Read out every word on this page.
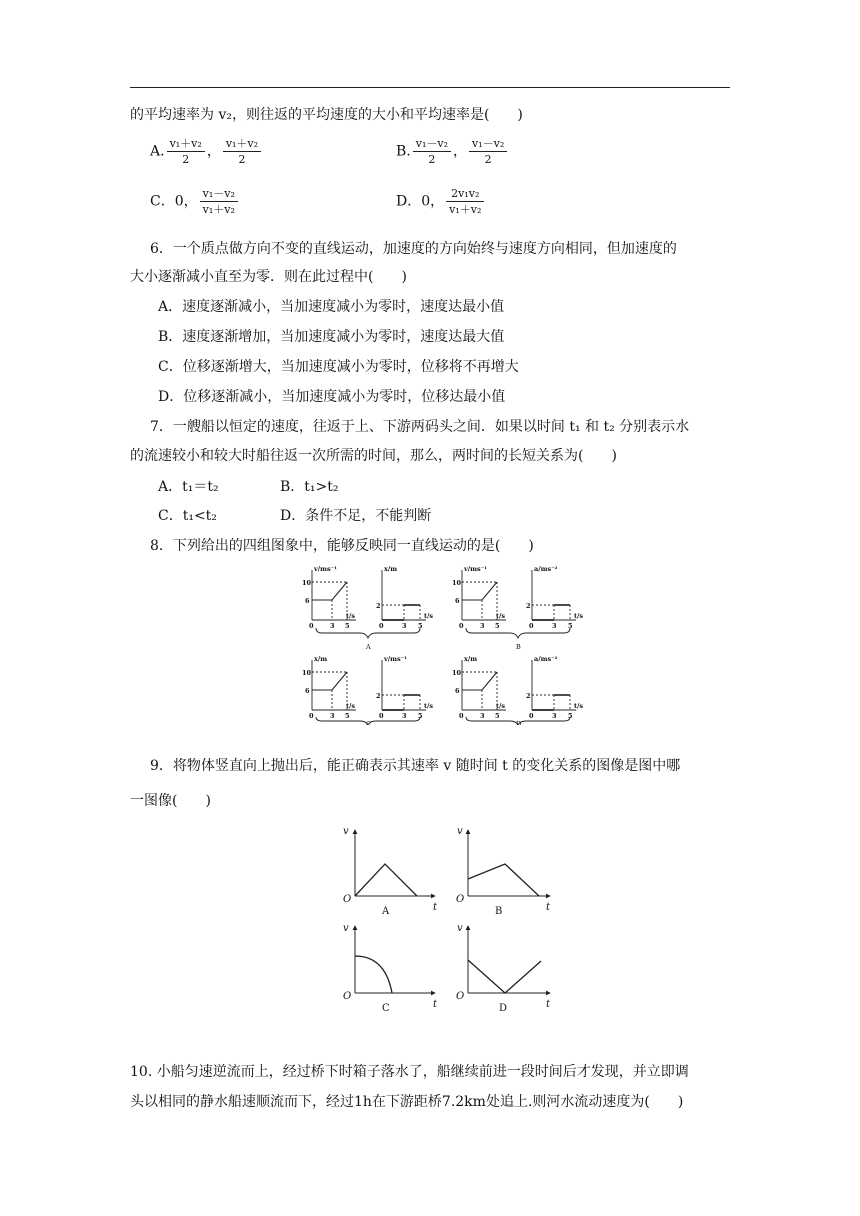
的平均速率为 v₂，则往返的平均速度的大小和平均速率是(　　)
A. $\frac{\text{v₁＋v₂}}{2}$ ， $\frac{\text{v₁＋v₂}}{2}$	B. $\frac{\text{v₁－v₂}}{2}$ ， $\frac{\text{v₁－v₂}}{2}$
C．0， $\frac{\text{v₁－v₂}}{\text{v₁＋v₂}}$	D．0， $\frac{\text{2v₁v₂}}{\text{v₁＋v₂}}$
6．一个质点做方向不变的直线运动，加速度的方向始终与速度方向相同，但加速度的
大小逐渐减小直至为零．则在此过程中(　　)
A．速度逐渐减小，当加速度减小为零时，速度达最小值
B．速度逐渐增加，当加速度减小为零时，速度达最大值
C．位移逐渐增大，当加速度减小为零时，位移将不再增大
D．位移逐渐减小，当加速度减小为零时，位移达最小值
7．一艘船以恒定的速度，往返于上、下游两码头之间．如果以时间 t₁ 和 t₂ 分别表示水
的流速较小和较大时船往返一次所需的时间，那么，两时间的长短关系为(　　)
A．t₁＝t₂	B．t₁>t₂
C．t₁<t₂	D．条件不足，不能判断
8．下列给出的四组图象中，能够反映同一直线运动的是(　　)
v/ms⁻¹
t/s
10
6
0	3 5
x/m
t/s
2
0	3 5
A
v/ms⁻¹
t/s
10
6
0	3 5
a/ms⁻²
t/s
2
0	3 5
B
x/m
t/s
10
6
0	3 5
v/ms⁻¹
t/s
2
0	3 5
C
x/m
t/s
10
6
0	3 5
a/ms⁻²
t/s
2
0	3 5
D
9．将物体竖直向上抛出后，能正确表示其速率 v 随时间 t 的变化关系的图像是图中哪
一图像(　　)
v
t
O
A
v
t
O
B
v
t
O
C
v
t
O
D
10. 小船匀速逆流而上，经过桥下时箱子落水了，船继续前进一段时间后才发现，并立即调
头以相同的静水船速顺流而下，经过1h在下游距桥7.2km处追上.则河水流动速度为(　　)
